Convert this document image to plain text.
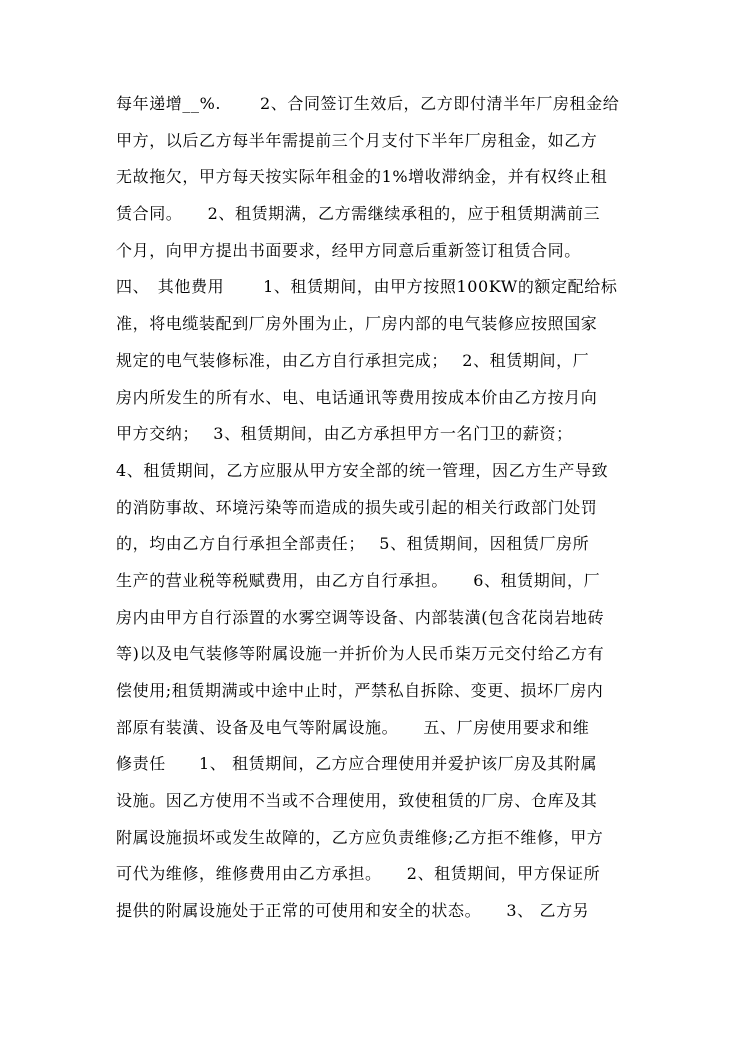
每年递增__%.　　 2、合同签订生效后，乙方即付清半年厂房租金给
甲方，以后乙方每半年需提前三个月支付下半年厂房租金，如乙方
无故拖欠，甲方每天按实际年租金的1%增收滞纳金，并有权终止租
赁合同。　　2、租赁期满，乙方需继续承租的，应于租赁期满前三
个月，向甲方提出书面要求，经甲方同意后重新签订租赁合同。
四、　其他费用　　 1、租赁期间，由甲方按照100KW的额定配给标
准，将电缆装配到厂房外围为止，厂房内部的电气装修应按照国家
规定的电气装修标准，由乙方自行承担完成；　 2、租赁期间，厂
房内所发生的所有水、电、电话通讯等费用按成本价由乙方按月向
甲方交纳；　 3、租赁期间，由乙方承担甲方一名门卫的薪资；
4、租赁期间，乙方应服从甲方安全部的统一管理，因乙方生产导致
的消防事故、环境污染等而造成的损失或引起的相关行政部门处罚
的，均由乙方自行承担全部责任；　 5、租赁期间，因租赁厂房所
生产的营业税等税赋费用，由乙方自行承担。　　6、租赁期间，厂
房内由甲方自行添置的水雾空调等设备、内部装潢(包含花岗岩地砖
等)以及电气装修等附属设施一并折价为人民币柒万元交付给乙方有
偿使用;租赁期满或中途中止时，严禁私自拆除、变更、损坏厂房内
部原有装潢、设备及电气等附属设施。　　五、厂房使用要求和维
修责任　　1、 租赁期间，乙方应合理使用并爱护该厂房及其附属
设施。因乙方使用不当或不合理使用，致使租赁的厂房、仓库及其
附属设施损坏或发生故障的，乙方应负责维修;乙方拒不维修，甲方
可代为维修，维修费用由乙方承担。　　2、租赁期间，甲方保证所
提供的附属设施处于正常的可使用和安全的状态。　　3、 乙方另
